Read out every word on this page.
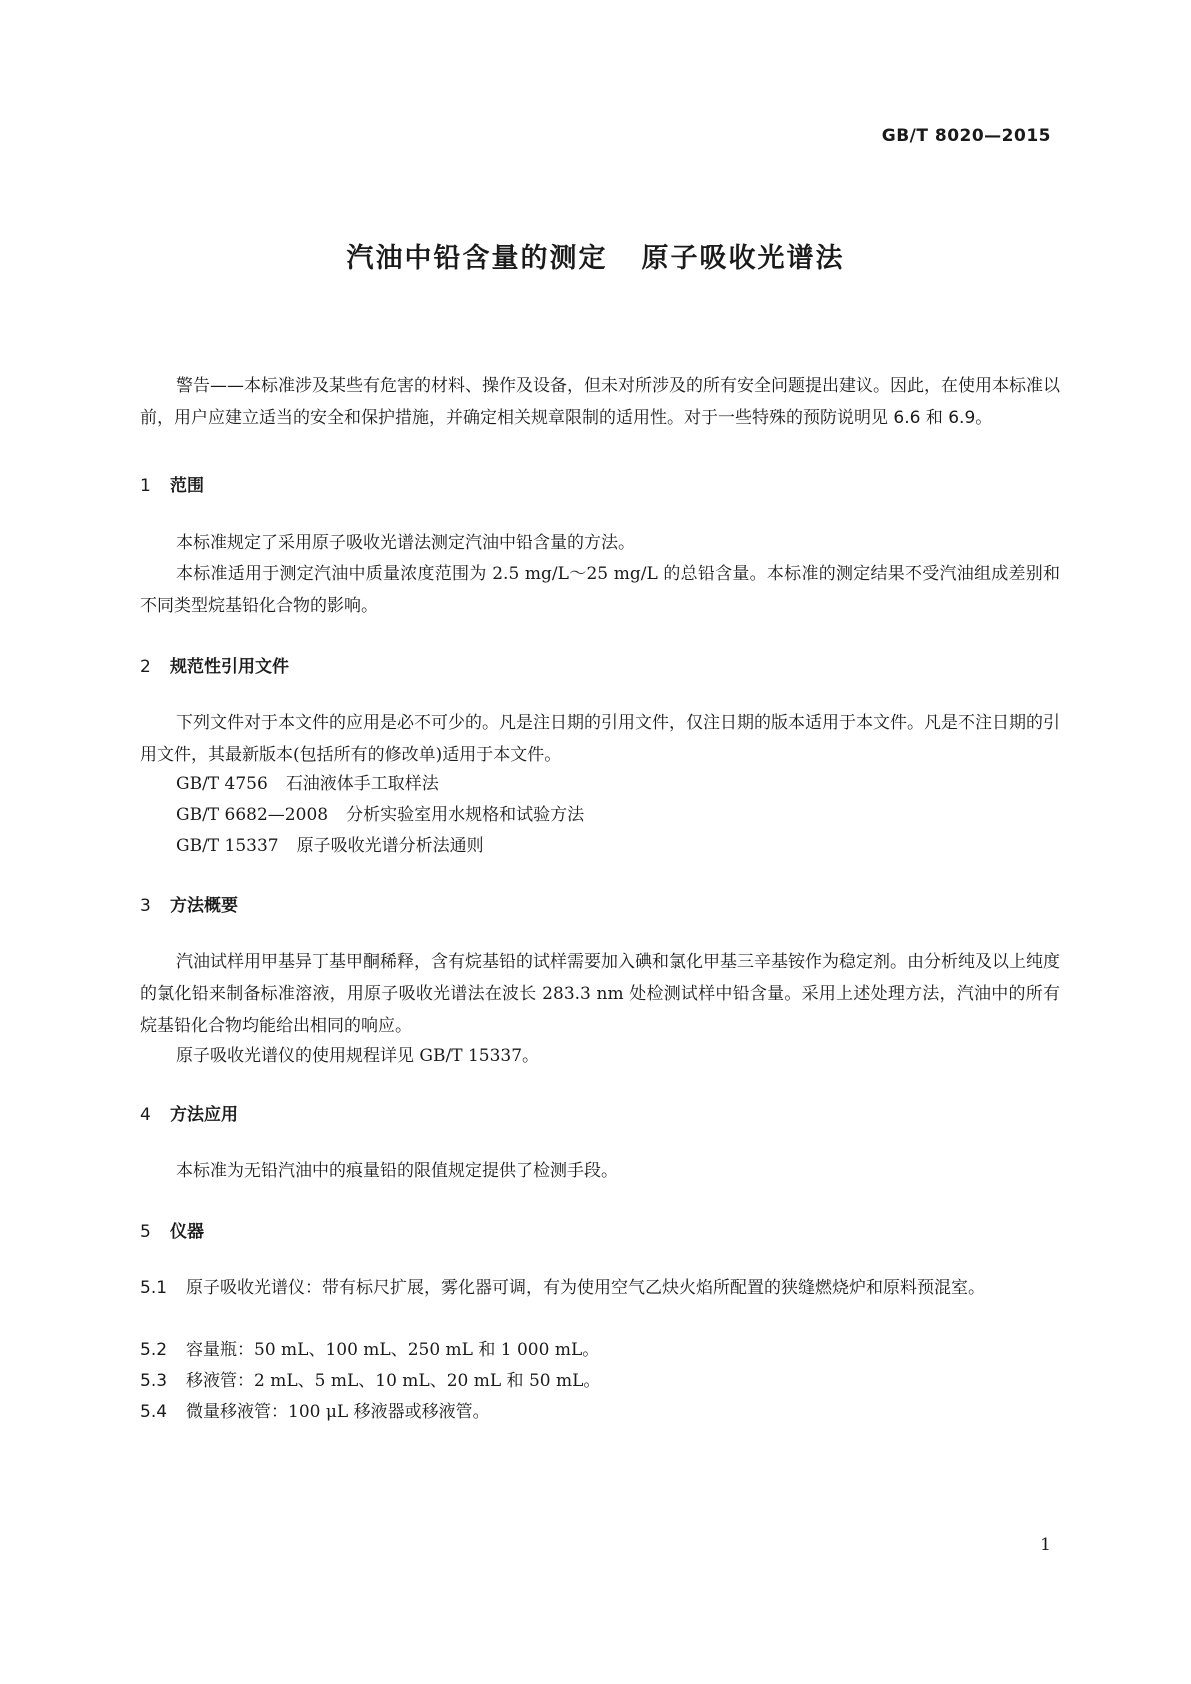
GB/T 8020—2015
汽油中铅含量的测定 原子吸收光谱法
警告——本标准涉及某些有危害的材料、操作及设备，但未对所涉及的所有安全问题提出建议。因此，在使用本标准以前，用户应建立适当的安全和保护措施，并确定相关规章限制的适用性。对于一些特殊的预防说明见 6.6 和 6.9。
1 范围
本标准规定了采用原子吸收光谱法测定汽油中铅含量的方法。
本标准适用于测定汽油中质量浓度范围为 2.5 mg/L～25 mg/L 的总铅含量。本标准的测定结果不受汽油组成差别和不同类型烷基铅化合物的影响。
2 规范性引用文件
下列文件对于本文件的应用是必不可少的。凡是注日期的引用文件，仅注日期的版本适用于本文件。凡是不注日期的引用文件，其最新版本(包括所有的修改单)适用于本文件。
GB/T 4756 石油液体手工取样法
GB/T 6682—2008 分析实验室用水规格和试验方法
GB/T 15337 原子吸收光谱分析法通则
3 方法概要
汽油试样用甲基异丁基甲酮稀释，含有烷基铅的试样需要加入碘和氯化甲基三辛基铵作为稳定剂。由分析纯及以上纯度的氯化铅来制备标准溶液，用原子吸收光谱法在波长 283.3 nm 处检测试样中铅含量。采用上述处理方法，汽油中的所有烷基铅化合物均能给出相同的响应。
原子吸收光谱仪的使用规程详见 GB/T 15337。
4 方法应用
本标准为无铅汽油中的痕量铅的限值规定提供了检测手段。
5 仪器
5.1 原子吸收光谱仪：带有标尺扩展，雾化器可调，有为使用空气乙炔火焰所配置的狭缝燃烧炉和原料预混室。
5.2 容量瓶：50 mL、100 mL、250 mL 和 1 000 mL。
5.3 移液管：2 mL、5 mL、10 mL、20 mL 和 50 mL。
5.4 微量移液管：100 μL 移液器或移液管。
1
